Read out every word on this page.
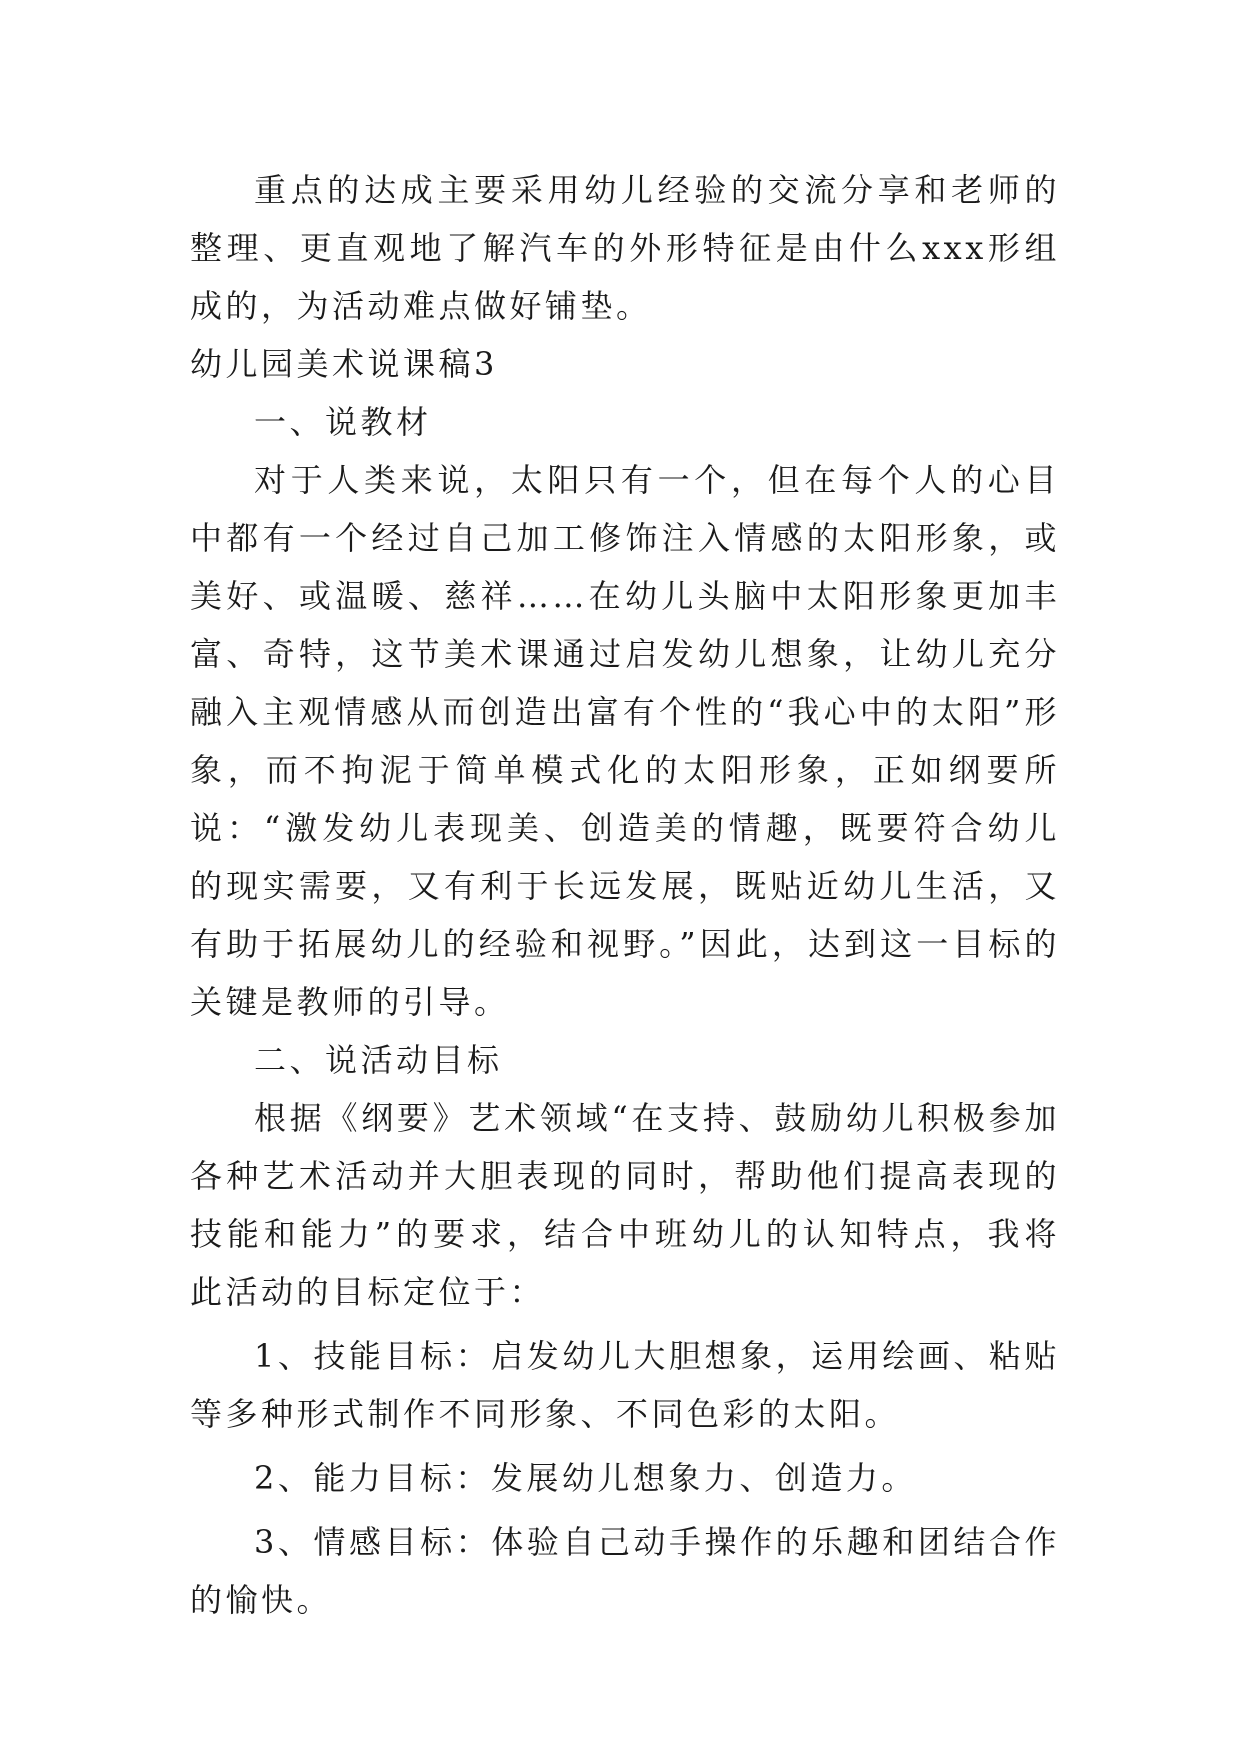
重点的达成主要采用幼儿经验的交流分享和老师的整理、更直观地了解汽车的外形特征是由什么xxx形组成的，为活动难点做好铺垫。

幼儿园美术说课稿3

一、说教材

对于人类来说，太阳只有一个，但在每个人的心目中都有一个经过自己加工修饰注入情感的太阳形象，或美好、或温暖、慈祥……在幼儿头脑中太阳形象更加丰富、奇特，这节美术课通过启发幼儿想象，让幼儿充分融入主观情感从而创造出富有个性的“我心中的太阳”形象，而不拘泥于简单模式化的太阳形象，正如纲要所说：“激发幼儿表现美、创造美的情趣，既要符合幼儿的现实需要，又有利于长远发展，既贴近幼儿生活，又有助于拓展幼儿的经验和视野。”因此，达到这一目标的关键是教师的引导。

二、说活动目标

根据《纲要》艺术领域“在支持、鼓励幼儿积极参加各种艺术活动并大胆表现的同时，帮助他们提高表现的技能和能力”的要求，结合中班幼儿的认知特点，我将此活动的目标定位于：

1、技能目标：启发幼儿大胆想象，运用绘画、粘贴等多种形式制作不同形象、不同色彩的太阳。

2、能力目标：发展幼儿想象力、创造力。

3、情感目标：体验自己动手操作的乐趣和团结合作的愉快。
